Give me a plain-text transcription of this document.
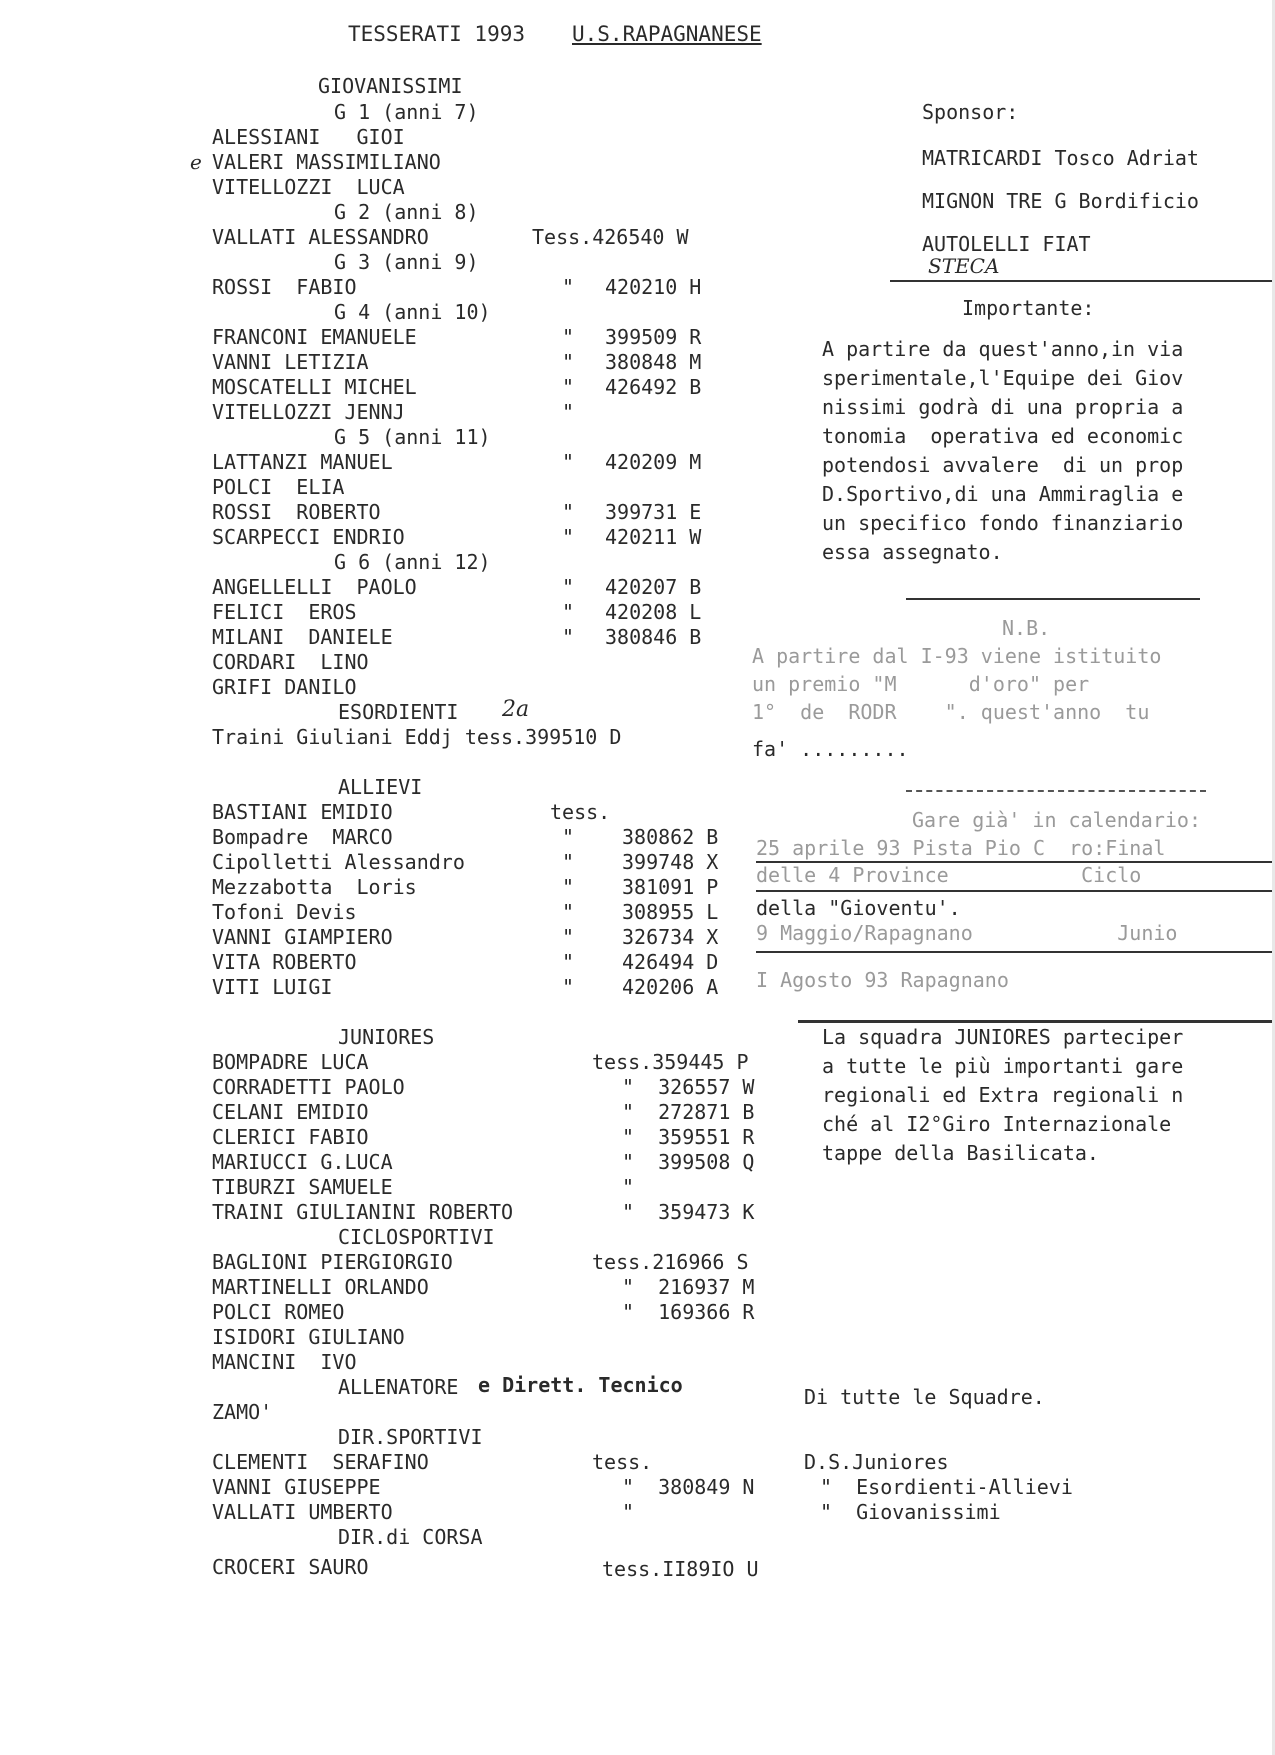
TESSERATI 1993 U.S.RAPAGNANESE
GIOVANISSIMI
G 1 (anni 7)
e
ALESSIANI   GIOI
VALERI MASSIMILIANO
VITELLOZZI  LUCA
G 2 (anni 8)
VALLATI ALESSANDRO	Tess.426540 W
G 3 (anni 9)
ROSSI  FABIO	" 420210 H
G 4 (anni 10)
FRANCONI EMANUELE	" 399509 R
VANNI LETIZIA	" 380848 M
MOSCATELLI MICHEL	" 426492 B
VITELLOZZI JENNJ	"
G 5 (anni 11)
LATTANZI MANUEL	" 420209 M
POLCI  ELIA
ROSSI  ROBERTO	" 399731 E
SCARPECCI ENDRIO	" 420211 W
G 6 (anni 12)
ANGELLELLI  PAOLO	" 420207 B
FELICI  EROS	" 420208 L
MILANI  DANIELE	" 380846 B
CORDARI  LINO
GRIFI DANILO
ESORDIENTI 2a
Traini Giuliani Eddj tess.399510 D
ALLIEVI
BASTIANI EMIDIO	tess.
Bompadre  MARCO	" 380862 B
Cipolletti Alessandro	" 399748 X
Mezzabotta  Loris	" 381091 P
Tofoni Devis	" 308955 L
VANNI GIAMPIERO	" 326734 X
VITA ROBERTO	" 426494 D
VITI LUIGI	" 420206 A
JUNIORES
BOMPADRE LUCA	tess.359445 P
CORRADETTI PAOLO	"  326557 W
CELANI EMIDIO	"  272871 B
CLERICI FABIO	"  359551 R
MARIUCCI G.LUCA	"  399508 Q
TIBURZI SAMUELE	"
TRAINI GIULIANINI ROBERTO	"  359473 K
CICLOSPORTIVI
BAGLIONI PIERGIORGIO	tess.216966 S
MARTINELLI ORLANDO	"  216937 M
POLCI ROMEO	"  169366 R
ISIDORI GIULIANO
MANCINI  IVO
ALLENATORE e Dirett. Tecnico
ZAMO'
Di tutte le Squadre.
DIR.SPORTIVI
CLEMENTI  SERAFINO	tess.	D.S.Juniores
VANNI GIUSEPPE	"  380849 N	"  Esordienti-Allievi
VALLATI UMBERTO	"	"  Giovanissimi
DIR.di CORSA
CROCERI SAURO	tess.II89IO U
Sponsor:
MATRICARDI Tosco Adriat
MIGNON TRE G Bordificio
AUTOLELLI FIAT
STECA
Importante:
A partire da quest'anno,in via
sperimentale,l'Equipe dei Giov
nissimi godrà di una propria a
tonomia  operativa ed economic
potendosi avvalere  di un prop
D.Sportivo,di una Ammiraglia e
un specifico fondo finanziario
essa assegnato.
N.B.
A partire dal I-93 viene istituito
un premio "M      d'oro" per
1°  de  RODR    ". quest'anno  tu
fa' .........
Gare già' in calendario:
25 aprile 93 Pista Pio C  ro:Final
delle 4 Province           Ciclo
della "Gioventu'.
9 Maggio/Rapagnano            Junio
I Agosto 93 Rapagnano
La squadra JUNIORES parteciper
a tutte le più importanti gare
regionali ed Extra regionali n
ché al I2°Giro Internazionale
tappe della Basilicata.
